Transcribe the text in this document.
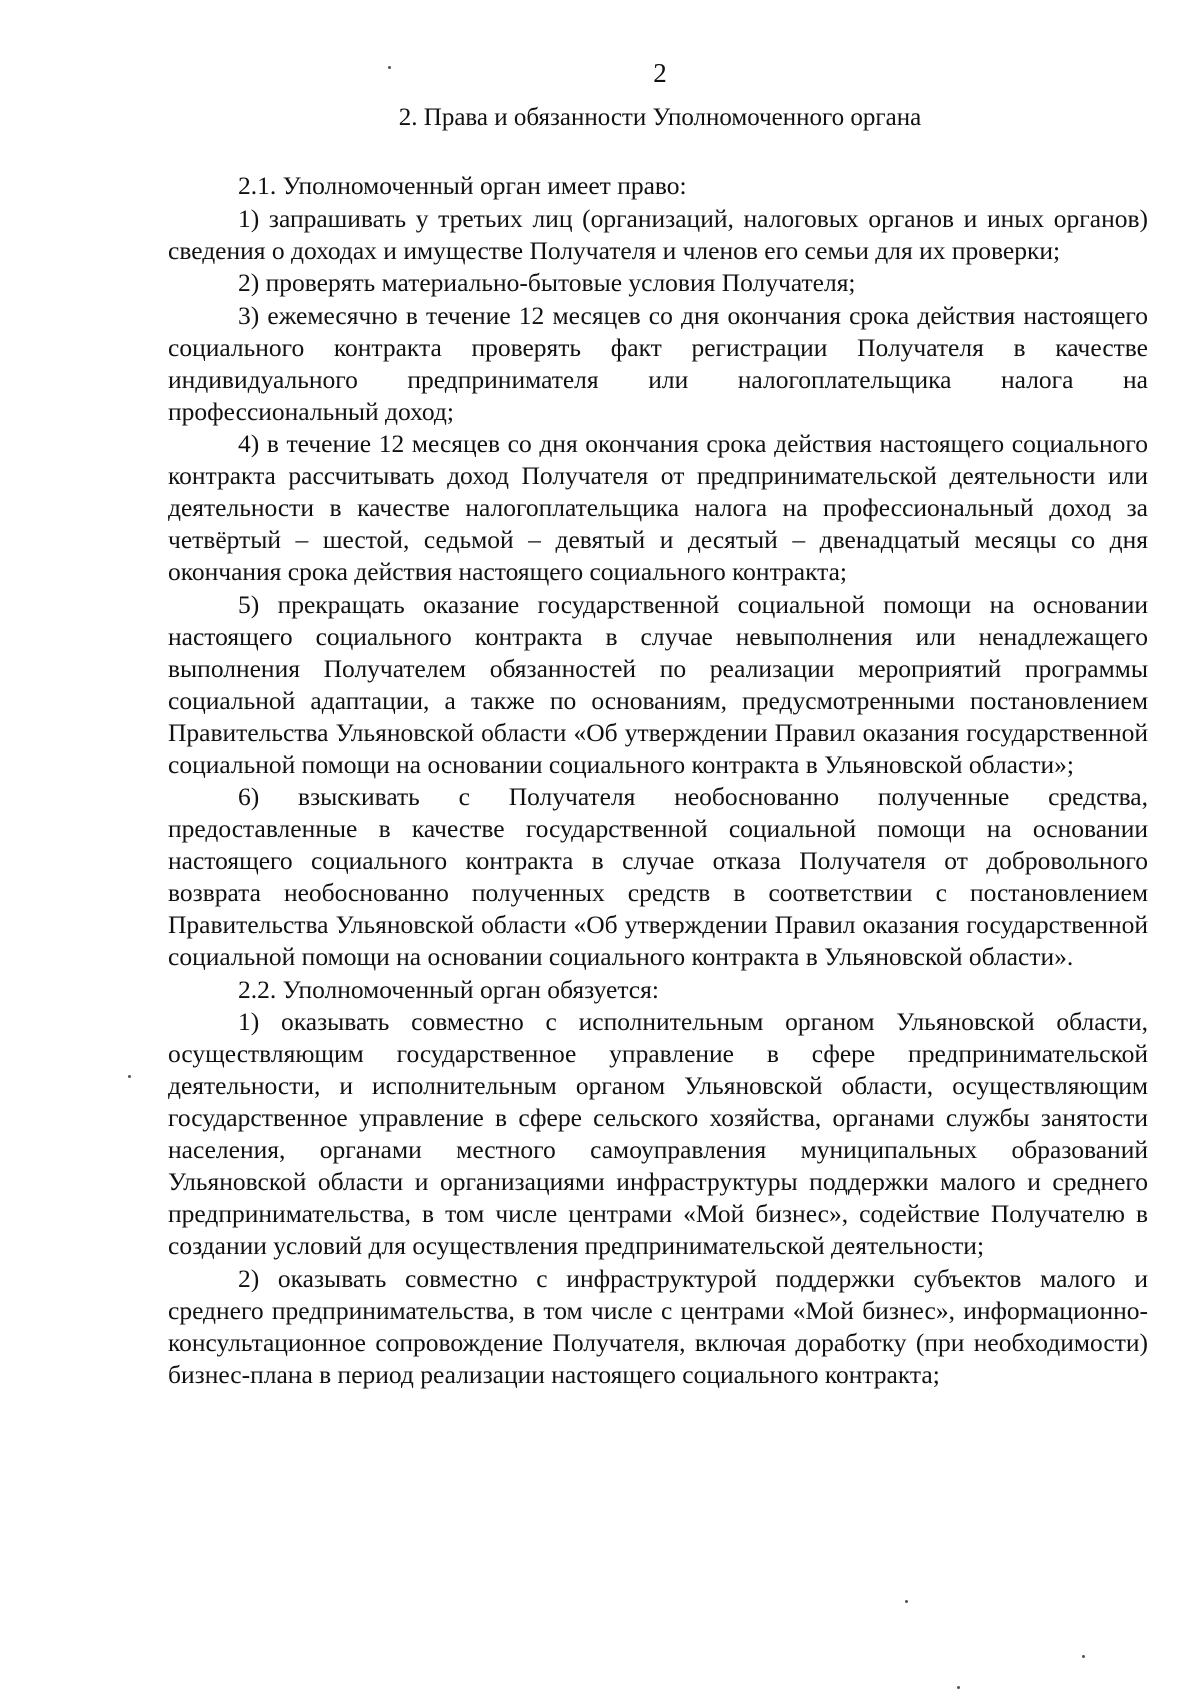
2
2. Права и обязанности Уполномоченного органа

2.1. Уполномоченный орган имеет право:

1) запрашивать у третьих лиц (организаций, налоговых органов и иных органов) сведения о доходах и имуществе Получателя и членов его семьи для их проверки;

2) проверять материально-бытовые условия Получателя;

3) ежемесячно в течение 12 месяцев со дня окончания срока действия настоящего социального контракта проверять факт регистрации Получателя в качестве индивидуального предпринимателя или налогоплательщика налога на профессиональный доход;

4) в течение 12 месяцев со дня окончания срока действия настоящего социального контракта рассчитывать доход Получателя от предпринимательской деятельности или деятельности в качестве налогоплательщика налога на профессиональный доход за четвёртый – шестой, седьмой – девятый и десятый – двенадцатый месяцы со дня окончания срока действия настоящего социального контракта;

5) прекращать оказание государственной социальной помощи на основании настоящего социального контракта в случае невыполнения или ненадлежащего выполнения Получателем обязанностей по реализации мероприятий программы социальной адаптации, а также по основаниям, предусмотренными постановлением Правительства Ульяновской области «Об утверждении Правил оказания государственной социальной помощи на основании социального контракта в Ульяновской области»;

6) взыскивать с Получателя необоснованно полученные средства, предоставленные в качестве государственной социальной помощи на основании настоящего социального контракта в случае отказа Получателя от добровольного возврата необоснованно полученных средств в соответствии с постановлением Правительства Ульяновской области «Об утверждении Правил оказания государственной социальной помощи на основании социального контракта в Ульяновской области».

2.2. Уполномоченный орган обязуется:

1) оказывать совместно с исполнительным органом Ульяновской области, осуществляющим государственное управление в сфере предпринимательской деятельности, и исполнительным органом Ульяновской области, осуществляющим государственное управление в сфере сельского хозяйства, органами службы занятости населения, органами местного самоуправления муниципальных образований Ульяновской области и организациями инфраструктуры поддержки малого и среднего предпринимательства, в том числе центрами «Мой бизнес», содействие Получателю в создании условий для осуществления предпринимательской деятельности;

2) оказывать совместно с инфраструктурой поддержки субъектов малого и среднего предпринимательства, в том числе с центрами «Мой бизнес», информационно-консультационное сопровождение Получателя, включая доработку (при необходимости) бизнес-плана в период реализации настоящего социального контракта;
